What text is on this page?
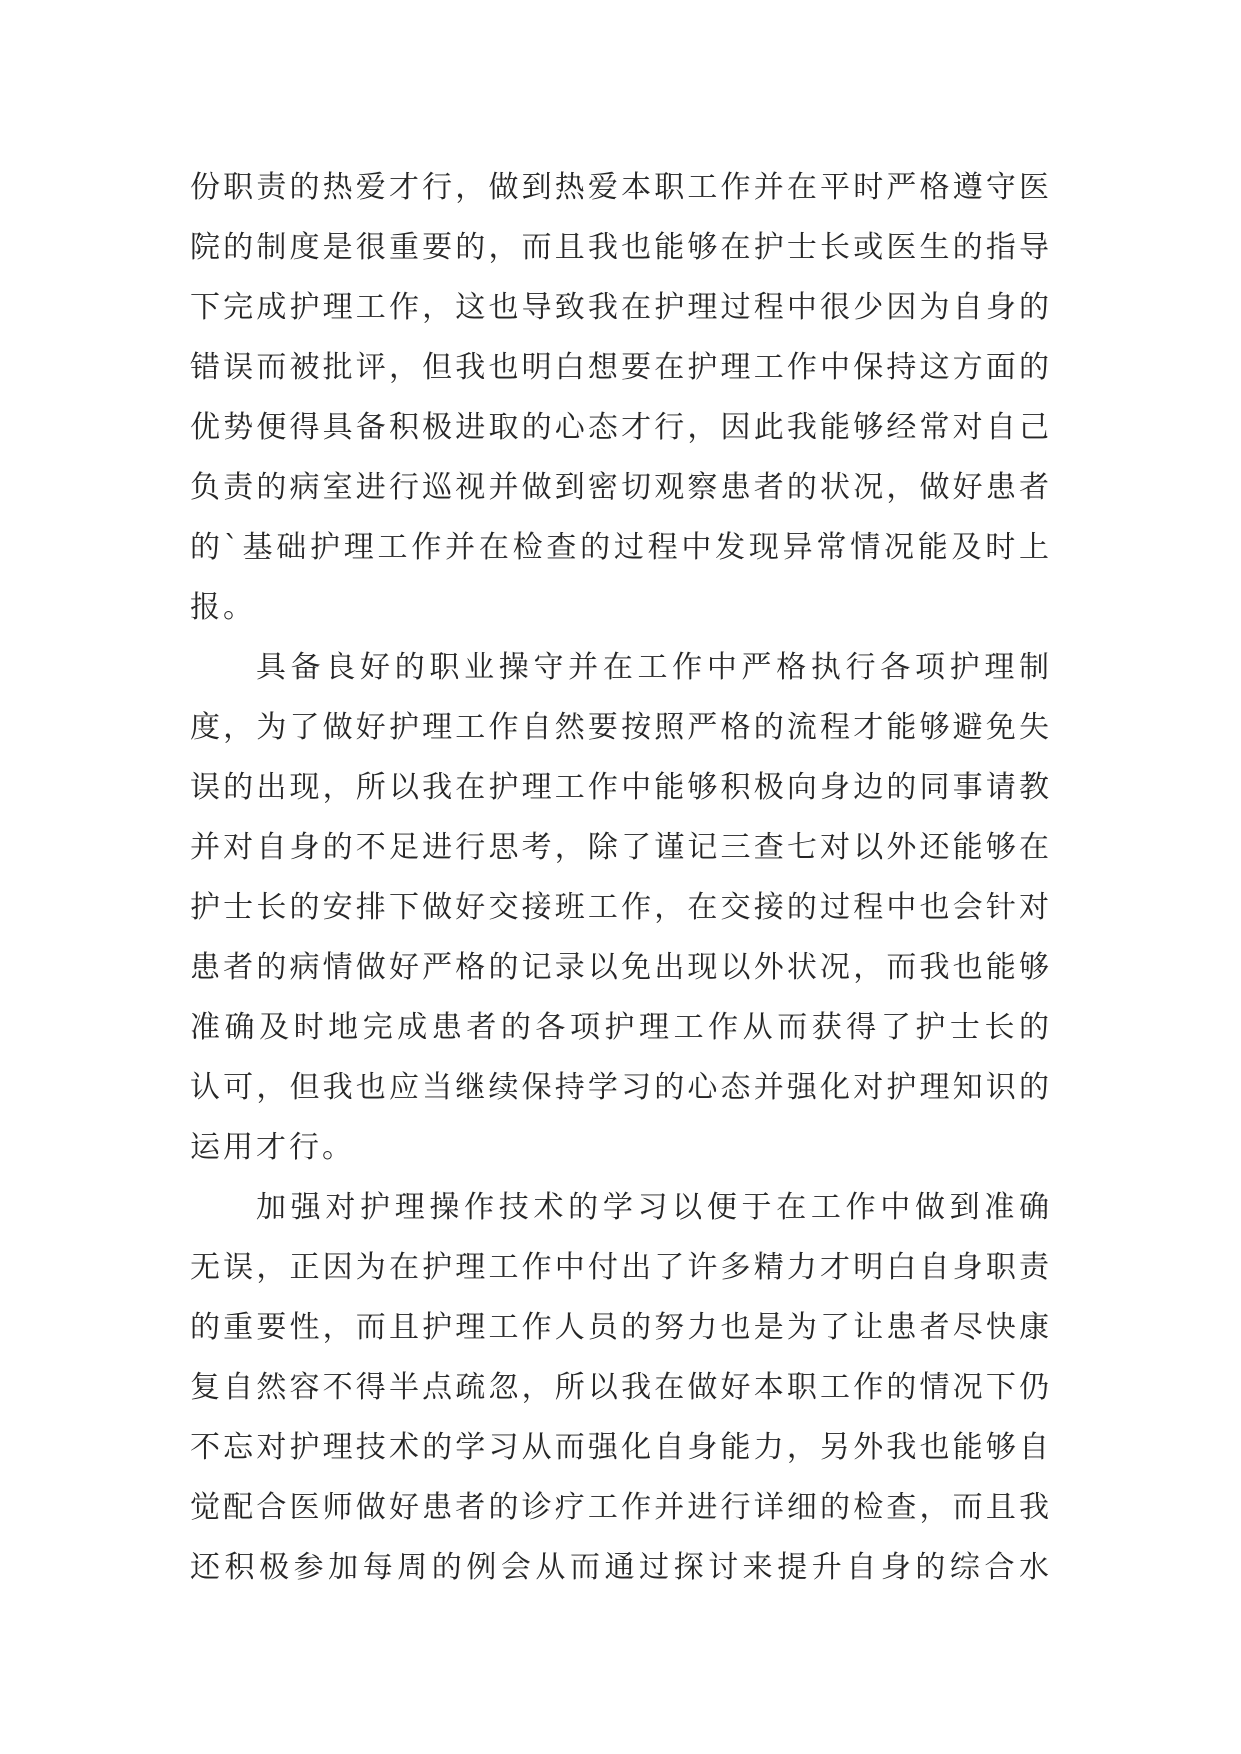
份职责的热爱才行，做到热爱本职工作并在平时严格遵守医
院的制度是很重要的，而且我也能够在护士长或医生的指导
下完成护理工作，这也导致我在护理过程中很少因为自身的
错误而被批评，但我也明白想要在护理工作中保持这方面的
优势便得具备积极进取的心态才行，因此我能够经常对自己
负责的病室进行巡视并做到密切观察患者的状况，做好患者
的`基础护理工作并在检查的过程中发现异常情况能及时上
报。
具备良好的职业操守并在工作中严格执行各项护理制
度，为了做好护理工作自然要按照严格的流程才能够避免失
误的出现，所以我在护理工作中能够积极向身边的同事请教
并对自身的不足进行思考，除了谨记三查七对以外还能够在
护士长的安排下做好交接班工作，在交接的过程中也会针对
患者的病情做好严格的记录以免出现以外状况，而我也能够
准确及时地完成患者的各项护理工作从而获得了护士长的
认可，但我也应当继续保持学习的心态并强化对护理知识的
运用才行。
加强对护理操作技术的学习以便于在工作中做到准确
无误，正因为在护理工作中付出了许多精力才明白自身职责
的重要性，而且护理工作人员的努力也是为了让患者尽快康
复自然容不得半点疏忽，所以我在做好本职工作的情况下仍
不忘对护理技术的学习从而强化自身能力，另外我也能够自
觉配合医师做好患者的诊疗工作并进行详细的检查，而且我
还积极参加每周的例会从而通过探讨来提升自身的综合水
